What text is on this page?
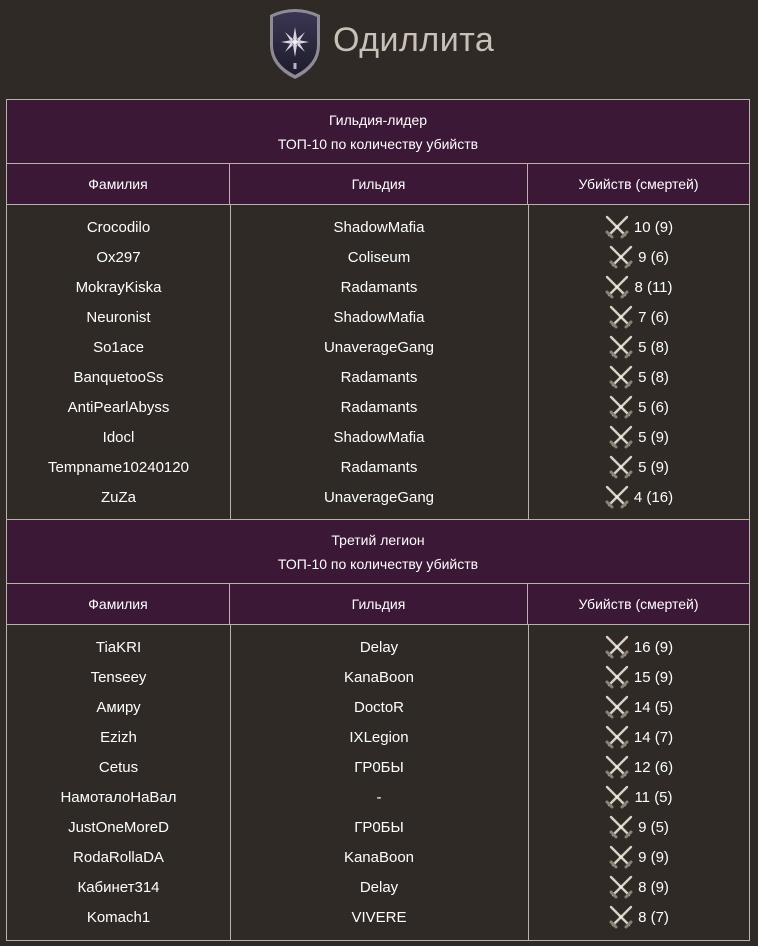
Одиллита
Гильдия-лидер
ТОП-10 по количеству убийств
Фамилия	Гильдия	Убийств (смертей)
Crocodilo	ShadowMafia	10 (9)
Ox297	Coliseum	9 (6)
MokrayKiska	Radamants	8 (11)
Neuronist	ShadowMafia	7 (6)
So1ace	UnaverageGang	5 (8)
BanquetooSs	Radamants	5 (8)
AntiPearlAbyss	Radamants	5 (6)
Idocl	ShadowMafia	5 (9)
Tempname10240120	Radamants	5 (9)
ZuZa	UnaverageGang	4 (16)
Третий легион
ТОП-10 по количеству убийств
Фамилия	Гильдия	Убийств (смертей)
TiaKRI	Delay	16 (9)
Tenseey	KanaBoon	15 (9)
Амиру	DoctoR	14 (5)
Ezizh	IXLegion	14 (7)
Cetus	ГР0БЫ	12 (6)
НамоталоНаВал	-	11 (5)
JustOneMoreD	ГР0БЫ	9 (5)
RodaRollaDA	KanaBoon	9 (9)
Кабинет314	Delay	8 (9)
Komach1	VIVERE	8 (7)
